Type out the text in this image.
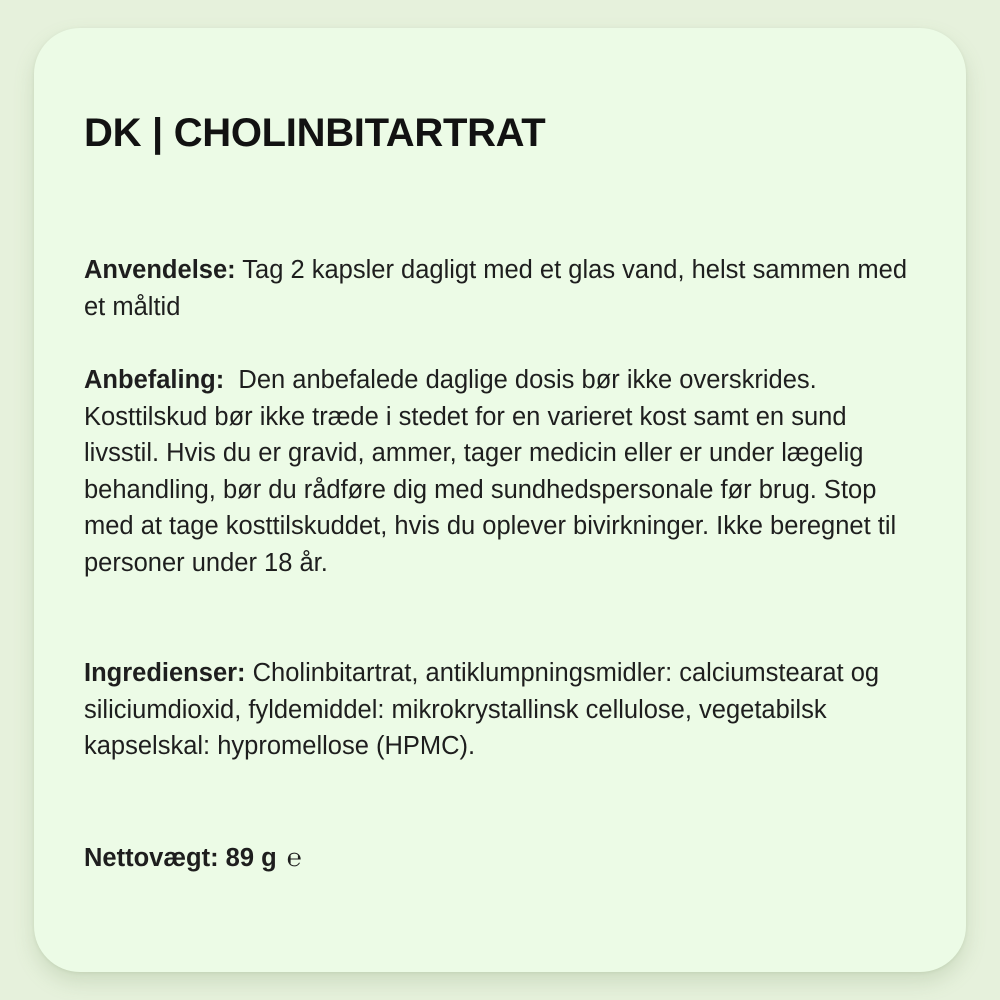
DK | CHOLINBITARTRAT

Anvendelse: Tag 2 kapsler dagligt med et glas vand, helst sammen med et måltid

Anbefaling: Den anbefalede daglige dosis bør ikke overskrides. Kosttilskud bør ikke træde i stedet for en varieret kost samt en sund livsstil. Hvis du er gravid, ammer, tager medicin eller er under lægelig behandling, bør du rådføre dig med sundhedspersonale før brug. Stop med at tage kosttilskuddet, hvis du oplever bivirkninger. Ikke beregnet til personer under 18 år.

Ingredienser: Cholinbitartrat, antiklumpningsmidler: calciumstearat og siliciumdioxid, fyldemiddel: mikrokrystallinsk cellulose, vegetabilsk kapselskal: hypromellose (HPMC).

Nettovægt: 89 g ℮
